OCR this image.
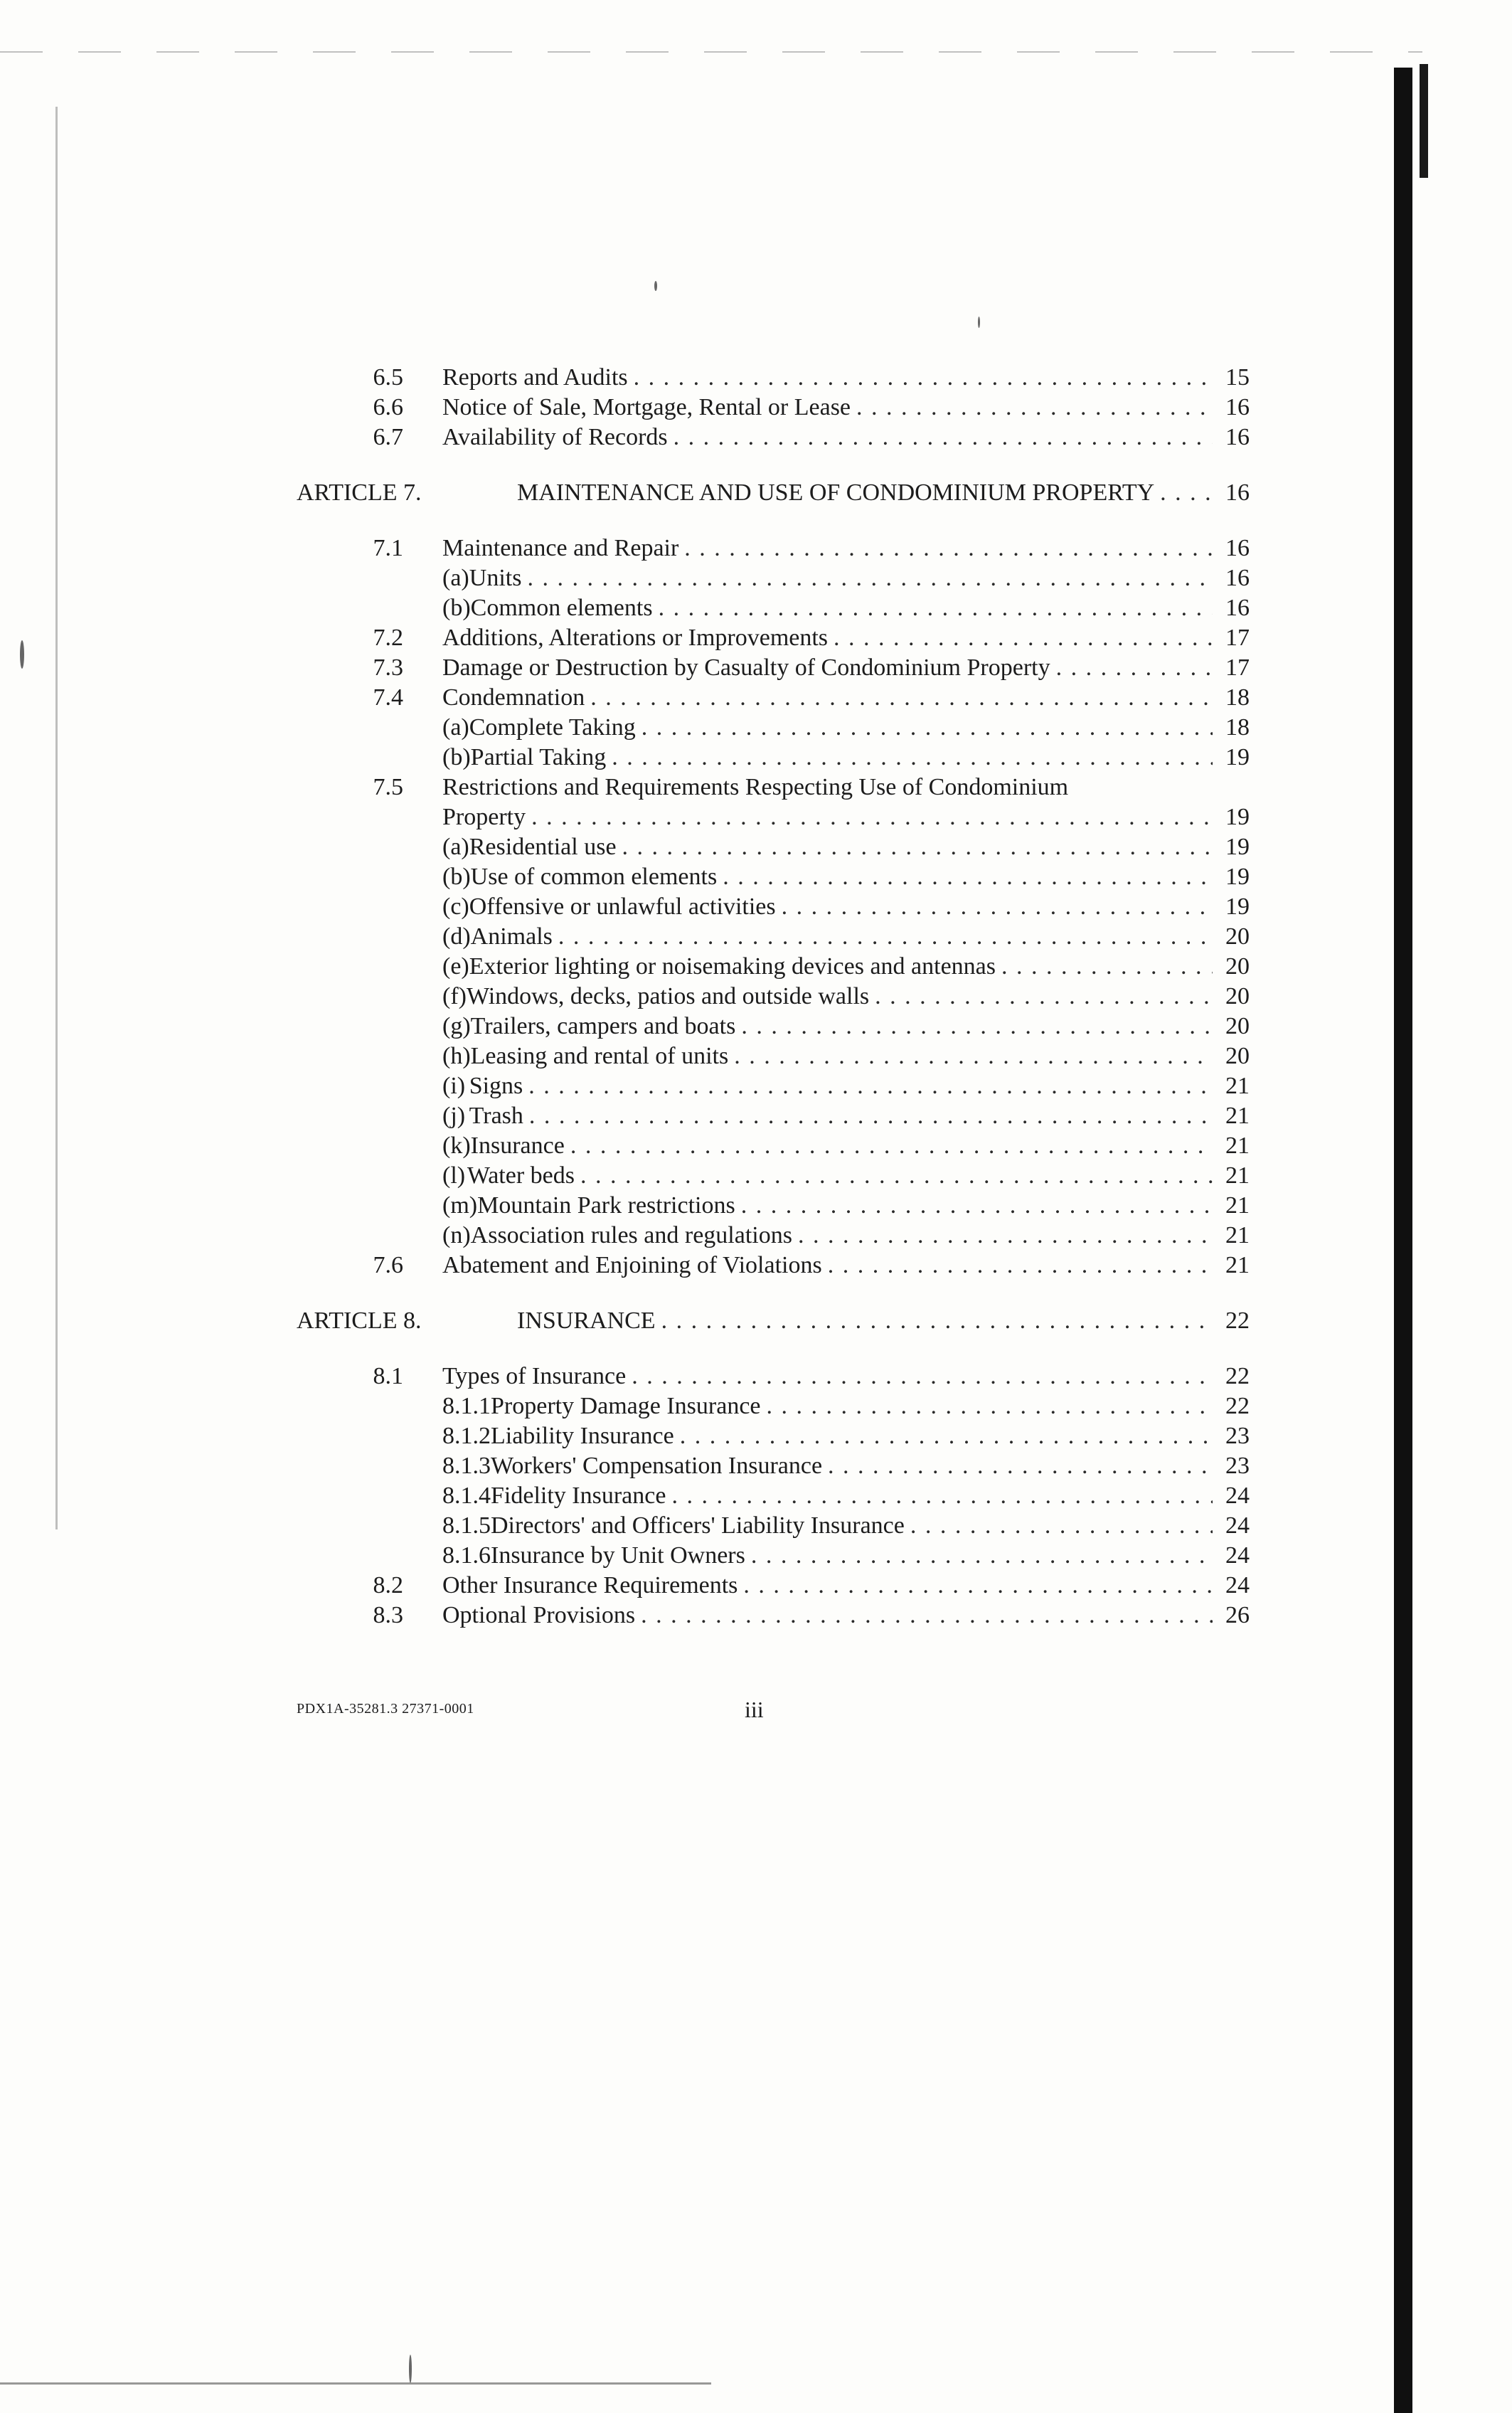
6.5 Reports and Audits . . .	15
6.6 Notice of Sale, Mortgage, Rental or Lease . . .	16
6.7 Availability of Records . . .	16
ARTICLE 7.	MAINTENANCE AND USE OF CONDOMINIUM PROPERTY . . .	16
7.1 Maintenance and Repair . . .	16
(a) Units . . .	16
(b) Common elements . . .	16
7.2 Additions, Alterations or Improvements . . .	17
7.3 Damage or Destruction by Casualty of Condominium Property . . .	17
7.4 Condemnation . . .	18
(a) Complete Taking . . .	18
(b) Partial Taking . . .	19
7.5 Restrictions and Requirements Respecting Use of Condominium
Property . . .	19
(a) Residential use . . .	19
(b) Use of common elements . . .	19
(c) Offensive or unlawful activities . . .	19
(d) Animals . . .	20
(e) Exterior lighting or noisemaking devices and antennas . . .	20
(f) Windows, decks, patios and outside walls . . .	20
(g) Trailers, campers and boats . . .	20
(h) Leasing and rental of units . . .	20
(i) Signs . . .	21
(j) Trash . . .	21
(k) Insurance . . .	21
(l) Water beds . . .	21
(m) Mountain Park restrictions . . .	21
(n) Association rules and regulations . . .	21
7.6 Abatement and Enjoining of Violations . . .	21
ARTICLE 8.	INSURANCE . . .	22
8.1 Types of Insurance . . .	22
8.1.1 Property Damage Insurance . . .	22
8.1.2 Liability Insurance . . .	23
8.1.3 Workers' Compensation Insurance . . .	23
8.1.4 Fidelity Insurance . . .	24
8.1.5 Directors' and Officers' Liability Insurance . . .	24
8.1.6 Insurance by Unit Owners . . .	24
8.2 Other Insurance Requirements . . .	24
8.3 Optional Provisions . . .	26
PDX1A-35281.3 27371-0001	iii
